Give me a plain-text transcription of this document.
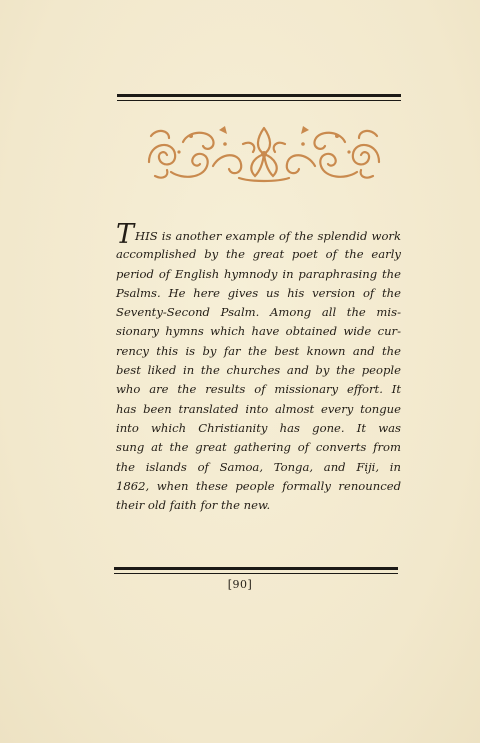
THIS is another example of the splendid work
accomplished by the great poet of the early
period of English hymnody in paraphrasing the
Psalms. He here gives us his version of the
Seventy-Second Psalm. Among all the mis-
sionary hymns which have obtained wide cur-
rency this is by far the best known and the
best liked in the churches and by the people
who are the results of missionary effort. It
has been translated into almost every tongue
into which Christianity has gone. It was
sung at the great gathering of converts from
the islands of Samoa, Tonga, and Fiji, in
1862, when these people formally renounced
their old faith for the new.
[90]
